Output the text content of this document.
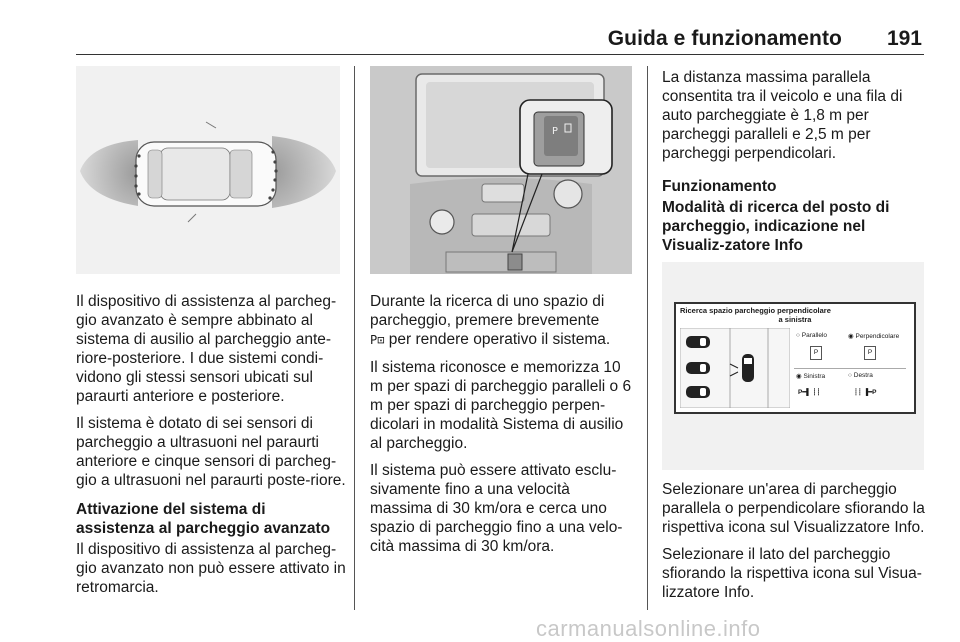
Guida e funzionamento 191

Il dispositivo di assistenza al parcheg-gio avanzato è sempre abbinato al sistema di ausilio al parcheggio ante-riore-posteriore. I due sistemi condi-vidono gli stessi sensori ubicati sul paraurti anteriore e posteriore.

Il sistema è dotato di sei sensori di parcheggio a ultrasuoni nel paraurti anteriore e cinque sensori di parcheg-gio a ultrasuoni nel paraurti poste-riore.

Attivazione del sistema di assistenza al parcheggio avanzato

Il dispositivo di assistenza al parcheg-gio avanzato non può essere attivato in retromarcia.

P

Durante la ricerca di uno spazio di parcheggio, premere brevemente
P⊡ per rendere operativo il sistema.

Il sistema riconosce e memorizza 10 m per spazi di parcheggio paralleli o 6 m per spazi di parcheggio perpen-dicolari in modalità Sistema di ausilio al parcheggio.

Il sistema può essere attivato esclu-sivamente fino a una velocità massima di 30 km/ora e cerca uno spazio di parcheggio fino a una velo-cità massima di 30 km/ora.

La distanza massima parallela consentita tra il veicolo e una fila di auto parcheggiate è 1,8 m per parcheggi paralleli e 2,5 m per parcheggi perpendicolari.

Funzionamento
Modalità di ricerca del posto di parcheggio, indicazione nel Visualiz-zatore Info
Ricerca spazio parcheggio perpendicolare
a sinistra
○ Parallelo	◉ Perpendicolare
P	P
◉ Sinistra	○ Destra
P━▌ ┊┊	┊┊ ▐━P

Selezionare un'area di parcheggio parallela o perpendicolare sfiorando la rispettiva icona sul Visualizzatore Info.

Selezionare il lato del parcheggio sfiorando la rispettiva icona sul Visua-lizzatore Info.

carmanualsonline.info
